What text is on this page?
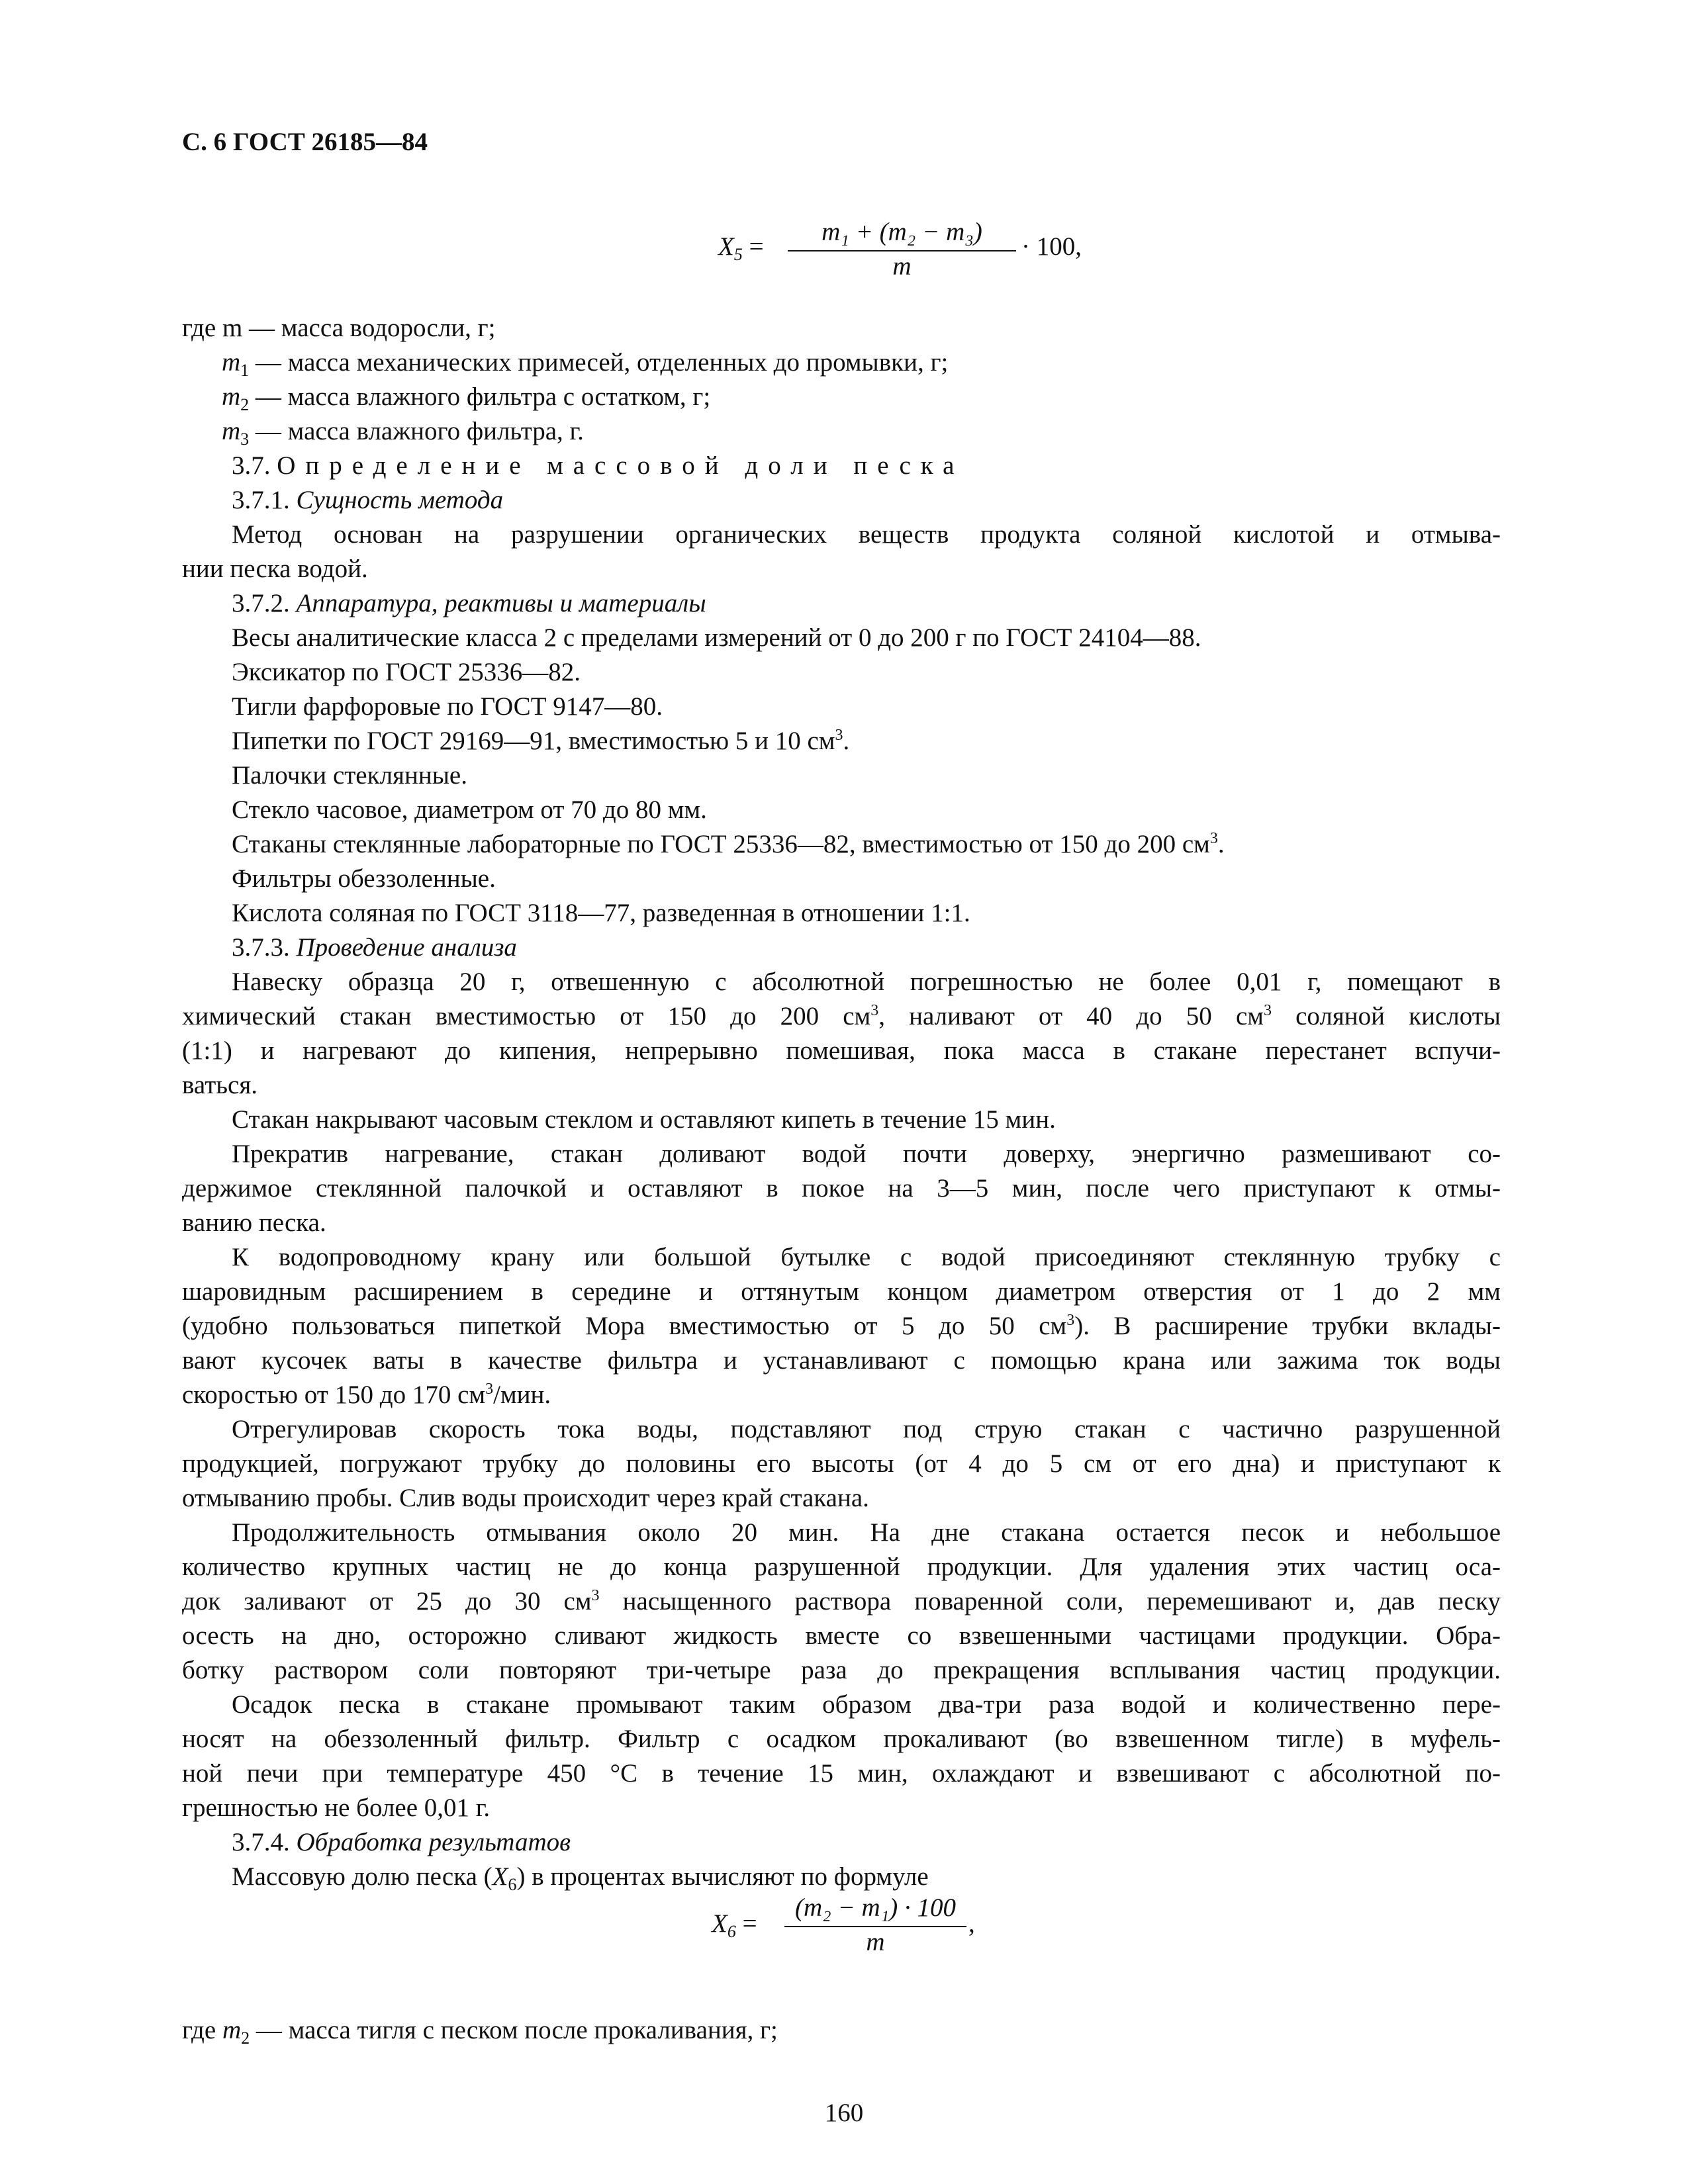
С. 6 ГОСТ 26185—84
$X_5$ =
m₁ + (m₂ − m₃)
m
· 100,
где m — масса водоросли, г;
$m_1$ — масса механических примесей, отделенных до промывки, г;
$m_2$ — масса влажного фильтра с остатком, г;
$m_3$ — масса влажного фильтра, г.
3.7. Определение массовой доли песка
3.7.1. Сущность метода
Метод основан на разрушении органических веществ продукта соляной кислотой и отмыва-
нии песка водой.
3.7.2. Аппаратура, реактивы и материалы
Весы аналитические класса 2 с пределами измерений от 0 до 200 г по ГОСТ 24104—88.
Эксикатор по ГОСТ 25336—82.
Тигли фарфоровые по ГОСТ 9147—80.
Пипетки по ГОСТ 29169—91, вместимостью 5 и 10 $см^3$.
Палочки стеклянные.
Стекло часовое, диаметром от 70 до 80 мм.
Стаканы стеклянные лабораторные по ГОСТ 25336—82, вместимостью от 150 до 200 $см^3$.
Фильтры обеззоленные.
Кислота соляная по ГОСТ 3118—77, разведенная в отношении 1:1.
3.7.3. Проведение анализа
Навеску образца 20 г, отвешенную с абсолютной погрешностью не более 0,01 г, помещают в
химический стакан вместимостью от 150 до 200 $см^3$, наливают от 40 до 50 $см^3$ соляной кислоты
(1:1) и нагревают до кипения, непрерывно помешивая, пока масса в стакане перестанет вспучи-
ваться.
Стакан накрывают часовым стеклом и оставляют кипеть в течение 15 мин.
Прекратив нагревание, стакан доливают водой почти доверху, энергично размешивают со-
держимое стеклянной палочкой и оставляют в покое на 3—5 мин, после чего приступают к отмы-
ванию песка.
К водопроводному крану или большой бутылке с водой присоединяют стеклянную трубку с
шаровидным расширением в середине и оттянутым концом диаметром отверстия от 1 до 2 мм
(удобно пользоваться пипеткой Мора вместимостью от 5 до 50 $см^3$). В расширение трубки вклады-
вают кусочек ваты в качестве фильтра и устанавливают с помощью крана или зажима ток воды
скоростью от 150 до 170 $см^3$/мин.
Отрегулировав скорость тока воды, подставляют под струю стакан с частично разрушенной
продукцией, погружают трубку до половины его высоты (от 4 до 5 см от его дна) и приступают к
отмыванию пробы. Слив воды происходит через край стакана.
Продолжительность отмывания около 20 мин. На дне стакана остается песок и небольшое
количество крупных частиц не до конца разрушенной продукции. Для удаления этих частиц оса-
док заливают от 25 до 30 $см^3$ насыщенного раствора поваренной соли, перемешивают и, дав песку
осесть на дно, осторожно сливают жидкость вместе со взвешенными частицами продукции. Обра-
ботку раствором соли повторяют три-четыре раза до прекращения всплывания частиц продукции.
Осадок песка в стакане промывают таким образом два-три раза водой и количественно пере-
носят на обеззоленный фильтр. Фильтр с осадком прокаливают (во взвешенном тигле) в муфель-
ной печи при температуре 450 °С в течение 15 мин, охлаждают и взвешивают с абсолютной по-
грешностью не более 0,01 г.
3.7.4. Обработка результатов
Массовую долю песка $(X_6)$ в процентах вычисляют по формуле
$X_6$ =
(m₂ − m₁) · 100
m
,
где $m_2$ — масса тигля с песком после прокаливания, г;
160
